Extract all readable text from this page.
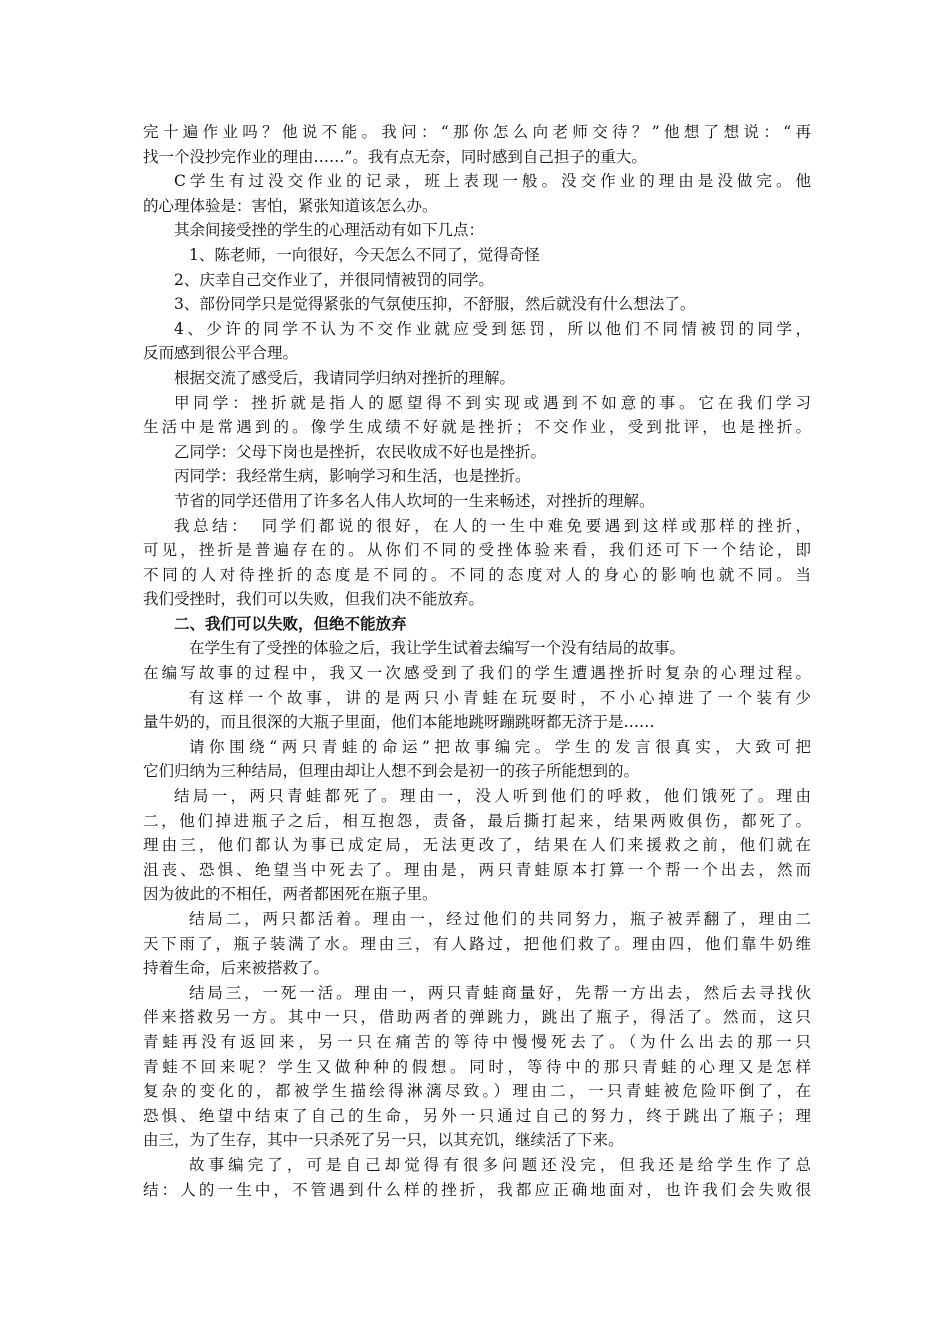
完十遍作业吗？他说不能。我问：“那你怎么向老师交待？”他想了想说：“再
找一个没抄完作业的理由……”。我有点无奈，同时感到自己担子的重大。
C学生有过没交作业的记录，班上表现一般。没交作业的理由是没做完。他
的心理体验是：害怕，紧张知道该怎么办。
其余间接受挫的学生的心理活动有如下几点：
1、陈老师，一向很好，今天怎么不同了，觉得奇怪
2、庆幸自己交作业了，并很同情被罚的同学。
3、部份同学只是觉得紧张的气氛使压抑，不舒服，然后就没有什么想法了。
4、少许的同学不认为不交作业就应受到惩罚，所以他们不同情被罚的同学，
反而感到很公平合理。
根据交流了感受后，我请同学归纳对挫折的理解。
甲同学：挫折就是指人的愿望得不到实现或遇到不如意的事。它在我们学习
生活中是常遇到的。像学生成绩不好就是挫折；不交作业，受到批评，也是挫折。
乙同学：父母下岗也是挫折，农民收成不好也是挫折。
丙同学：我经常生病，影响学习和生活，也是挫折。
节省的同学还借用了许多名人伟人坎坷的一生来畅述，对挫折的理解。
我总结：　同学们都说的很好，在人的一生中难免要遇到这样或那样的挫折，
可见，挫折是普遍存在的。从你们不同的受挫体验来看，我们还可下一个结论，即
不同的人对待挫折的态度是不同的。不同的态度对人的身心的影响也就不同。当
我们受挫时，我们可以失败，但我们决不能放弃。
二、我们可以失败，但绝不能放弃
在学生有了受挫的体验之后，我让学生试着去编写一个没有结局的故事。
在编写故事的过程中，我又一次感受到了我们的学生遭遇挫折时复杂的心理过程。
有这样一个故事，讲的是两只小青蛙在玩耍时，不小心掉进了一个装有少
量牛奶的，而且很深的大瓶子里面，他们本能地跳呀蹦跳呀都无济于是……
请你围绕“两只青蛙的命运”把故事编完。学生的发言很真实，大致可把
它们归纳为三种结局，但理由却让人想不到会是初一的孩子所能想到的。
结局一，两只青蛙都死了。理由一，没人听到他们的呼救，他们饿死了。理由
二，他们掉进瓶子之后，相互抱怨，责备，最后撕打起来，结果两败俱伤，都死了。
理由三，他们都认为事已成定局，无法更改了，结果在人们来援救之前，他们就在
沮丧、恐惧、绝望当中死去了。理由是，两只青蛙原本打算一个帮一个出去，然而
因为彼此的不相任，两者都困死在瓶子里。
结局二，两只都活着。理由一，经过他们的共同努力，瓶子被弄翻了，理由二
天下雨了，瓶子装满了水。理由三，有人路过，把他们救了。理由四，他们靠牛奶维
持着生命，后来被搭救了。
结局三，一死一活。理由一，两只青蛙商量好，先帮一方出去，然后去寻找伙
伴来搭救另一方。其中一只，借助两者的弹跳力，跳出了瓶子，得活了。然而，这只
青蛙再没有返回来，另一只在痛苦的等待中慢慢死去了。（为什么出去的那一只
青蛙不回来呢？学生又做种种的假想。同时，等待中的那只青蛙的心理又是怎样
复杂的变化的，都被学生描绘得淋漓尽致。）理由二，一只青蛙被危险吓倒了，在
恐惧、绝望中结束了自己的生命，另外一只通过自己的努力，终于跳出了瓶子；理
由三，为了生存，其中一只杀死了另一只，以其充饥，继续活了下来。
故事编完了，可是自己却觉得有很多问题还没完，但我还是给学生作了总
结：人的一生中，不管遇到什么样的挫折，我都应正确地面对，也许我们会失败很
